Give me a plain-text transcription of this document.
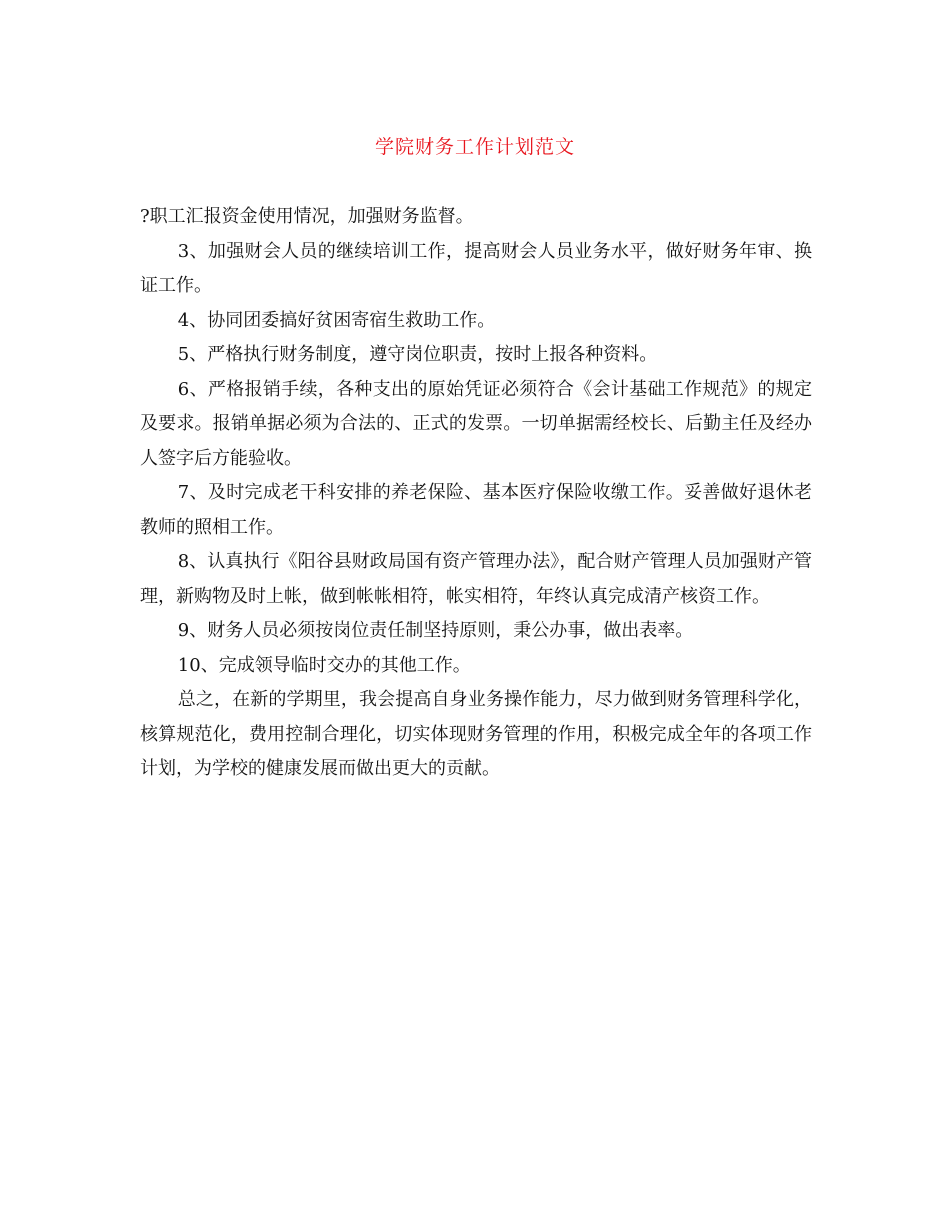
学院财务工作计划范文

?职工汇报资金使用情况，加强财务监督。

3、加强财会人员的继续培训工作，提高财会人员业务水平，做好财务年审、换证工作。

4、协同团委搞好贫困寄宿生救助工作。

5、严格执行财务制度，遵守岗位职责，按时上报各种资料。

6、严格报销手续，各种支出的原始凭证必须符合《会计基础工作规范》的规定及要求。报销单据必须为合法的、正式的发票。一切单据需经校长、后勤主任及经办人签字后方能验收。

7、及时完成老干科安排的养老保险、基本医疗保险收缴工作。妥善做好退休老教师的照相工作。

8、认真执行《阳谷县财政局国有资产管理办法》，配合财产管理人员加强财产管理，新购物及时上帐，做到帐帐相符，帐实相符，年终认真完成清产核资工作。

9、财务人员必须按岗位责任制坚持原则，秉公办事，做出表率。

10、完成领导临时交办的其他工作。

总之，在新的学期里，我会提高自身业务操作能力，尽力做到财务管理科学化，核算规范化，费用控制合理化，切实体现财务管理的作用，积极完成全年的各项工作计划，为学校的健康发展而做出更大的贡献。
